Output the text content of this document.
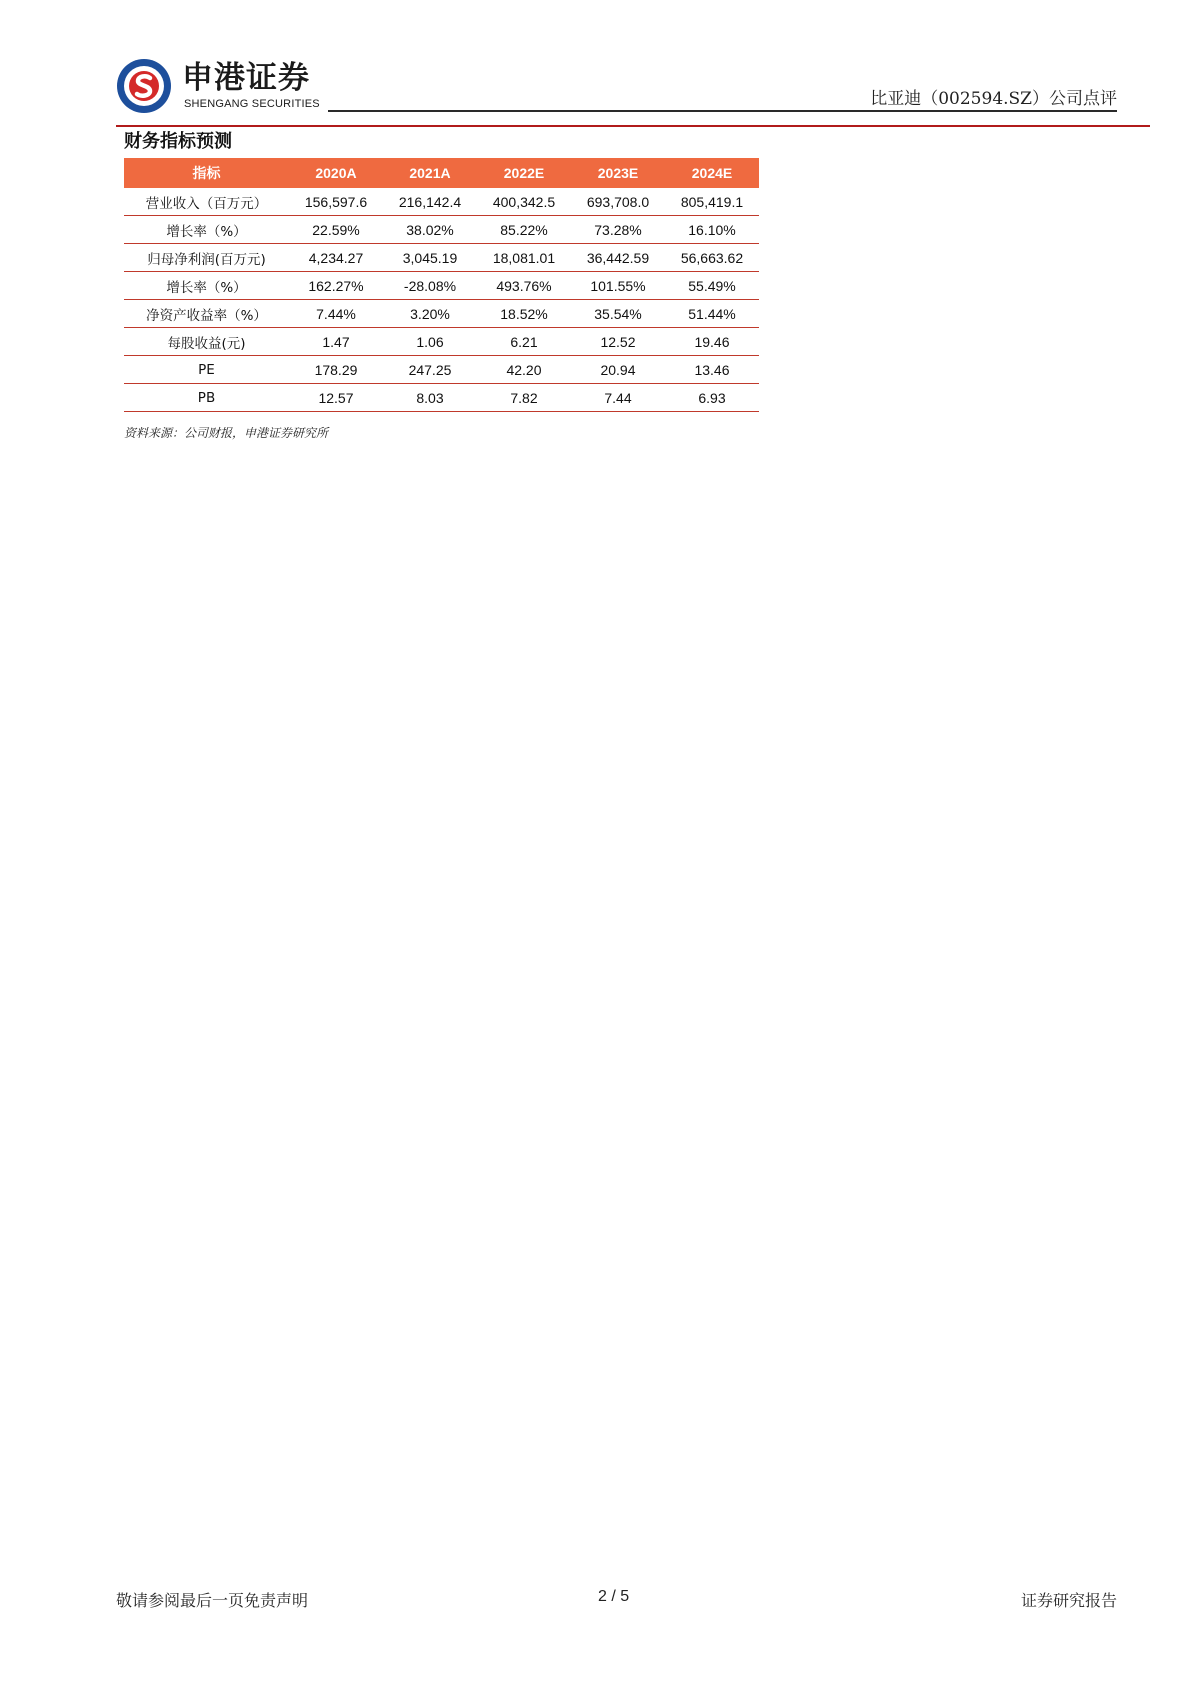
申港证券
SHENGANG SECURITIES	比亚迪（002594.SZ）公司点评
财务指标预测
指标	2020A	2021A	2022E	2023E	2024E
营业收入（百万元）	156,597.6	216,142.4	400,342.5	693,708.0	805,419.1
增长率（%）	22.59%	38.02%	85.22%	73.28%	16.10%
归母净利润(百万元)	4,234.27	3,045.19	18,081.01	36,442.59	56,663.62
增长率（%）	162.27%	-28.08%	493.76%	101.55%	55.49%
净资产收益率（%）	7.44%	3.20%	18.52%	35.54%	51.44%
每股收益(元)	1.47	1.06	6.21	12.52	19.46
PE	178.29	247.25	42.20	20.94	13.46
PB	12.57	8.03	7.82	7.44	6.93
资料来源：公司财报，申港证券研究所
敬请参阅最后一页免责声明	2 / 5	证券研究报告
